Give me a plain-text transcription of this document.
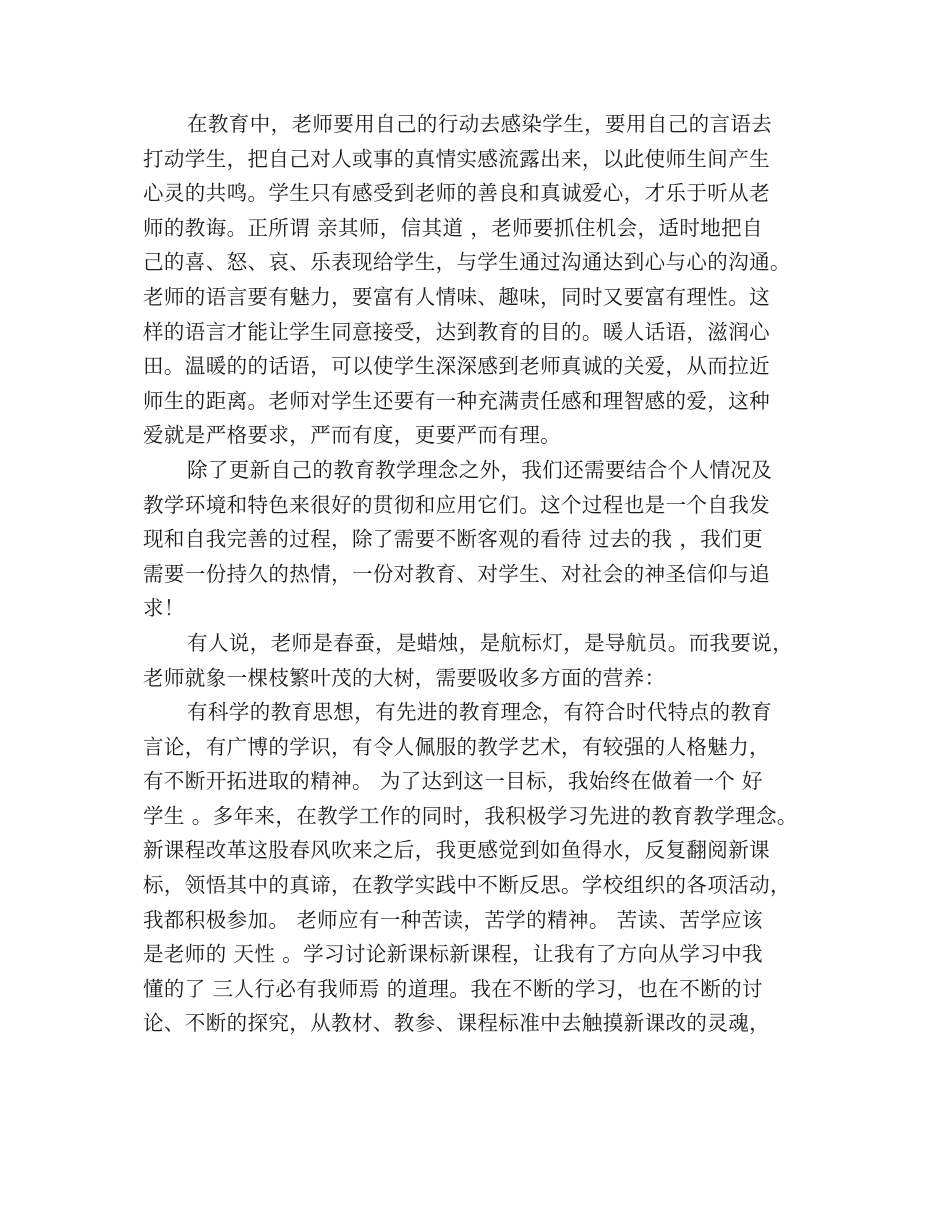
在教育中，老师要用自己的行动去感染学生，要用自己的言语去
打动学生，把自己对人或事的真情实感流露出来，以此使师生间产生
心灵的共鸣。学生只有感受到老师的善良和真诚爱心，才乐于听从老
师的教诲。正所谓 亲其师，信其道 ，老师要抓住机会，适时地把自
己的喜、怒、哀、乐表现给学生，与学生通过沟通达到心与心的沟通。
老师的语言要有魅力，要富有人情味、趣味，同时又要富有理性。这
样的语言才能让学生同意接受，达到教育的目的。暖人话语，滋润心
田。温暖的的话语，可以使学生深深感到老师真诚的关爱，从而拉近
师生的距离。老师对学生还要有一种充满责任感和理智感的爱，这种
爱就是严格要求，严而有度，更要严而有理。
除了更新自己的教育教学理念之外，我们还需要结合个人情况及
教学环境和特色来很好的贯彻和应用它们。这个过程也是一个自我发
现和自我完善的过程，除了需要不断客观的看待 过去的我 ，我们更
需要一份持久的热情，一份对教育、对学生、对社会的神圣信仰与追
求！
有人说，老师是春蚕，是蜡烛，是航标灯，是导航员。而我要说，
老师就象一棵枝繁叶茂的大树，需要吸收多方面的营养：
有科学的教育思想，有先进的教育理念，有符合时代特点的教育
言论，有广博的学识，有令人佩服的教学艺术，有较强的人格魅力，
有不断开拓进取的精神。 为了达到这一目标，我始终在做着一个 好
学生 。多年来，在教学工作的同时，我积极学习先进的教育教学理念。
新课程改革这股春风吹来之后，我更感觉到如鱼得水，反复翻阅新课
标，领悟其中的真谛，在教学实践中不断反思。学校组织的各项活动，
我都积极参加。 老师应有一种苦读，苦学的精神。 苦读、苦学应该
是老师的 天性 。学习讨论新课标新课程，让我有了方向从学习中我
懂的了 三人行必有我师焉 的道理。我在不断的学习，也在不断的讨
论、不断的探究，从教材、教参、课程标准中去触摸新课改的灵魂，
